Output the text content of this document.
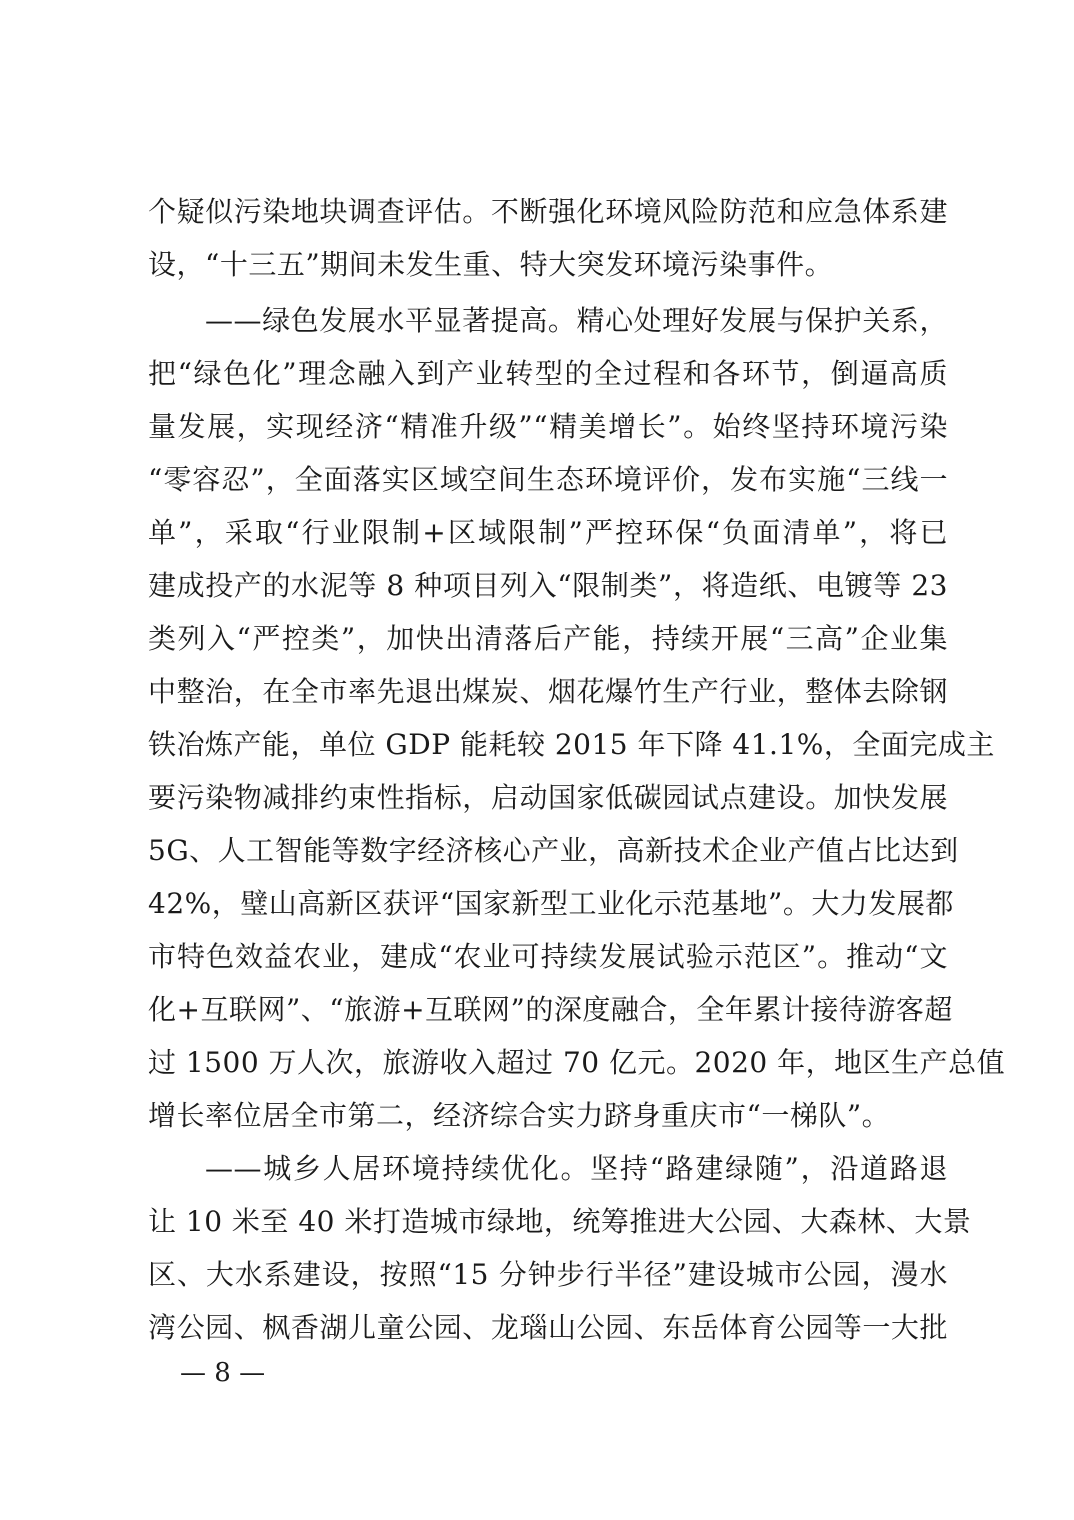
个疑似污染地块调查评估。不断强化环境风险防范和应急体系建
设，“十三五”期间未发生重、特大突发环境污染事件。
——绿色发展水平显著提高。精心处理好发展与保护关系，
把“绿色化”理念融入到产业转型的全过程和各环节，倒逼高质
量发展，实现经济“精准升级”“精美增长”。始终坚持环境污染
“零容忍”，全面落实区域空间生态环境评价，发布实施“三线一
单”，采取“行业限制+区域限制”严控环保“负面清单”，将已
建成投产的水泥等 8 种项目列入“限制类”，将造纸、电镀等 23
类列入“严控类”，加快出清落后产能，持续开展“三高”企业集
中整治，在全市率先退出煤炭、烟花爆竹生产行业，整体去除钢
铁冶炼产能，单位 GDP 能耗较 2015 年下降 41.1%，全面完成主
要污染物减排约束性指标，启动国家低碳园试点建设。加快发展
5G、人工智能等数字经济核心产业，高新技术企业产值占比达到
42%，璧山高新区获评“国家新型工业化示范基地”。大力发展都
市特色效益农业，建成“农业可持续发展试验示范区”。推动“文
化+互联网”、“旅游+互联网”的深度融合，全年累计接待游客超
过 1500 万人次，旅游收入超过 70 亿元。2020 年，地区生产总值
增长率位居全市第二，经济综合实力跻身重庆市“一梯队”。
——城乡人居环境持续优化。坚持“路建绿随”，沿道路退
让 10 米至 40 米打造城市绿地，统筹推进大公园、大森林、大景
区、大水系建设，按照“15 分钟步行半径”建设城市公园，漫水
湾公园、枫香湖儿童公园、龙瑙山公园、东岳体育公园等一大批
— 8 —
